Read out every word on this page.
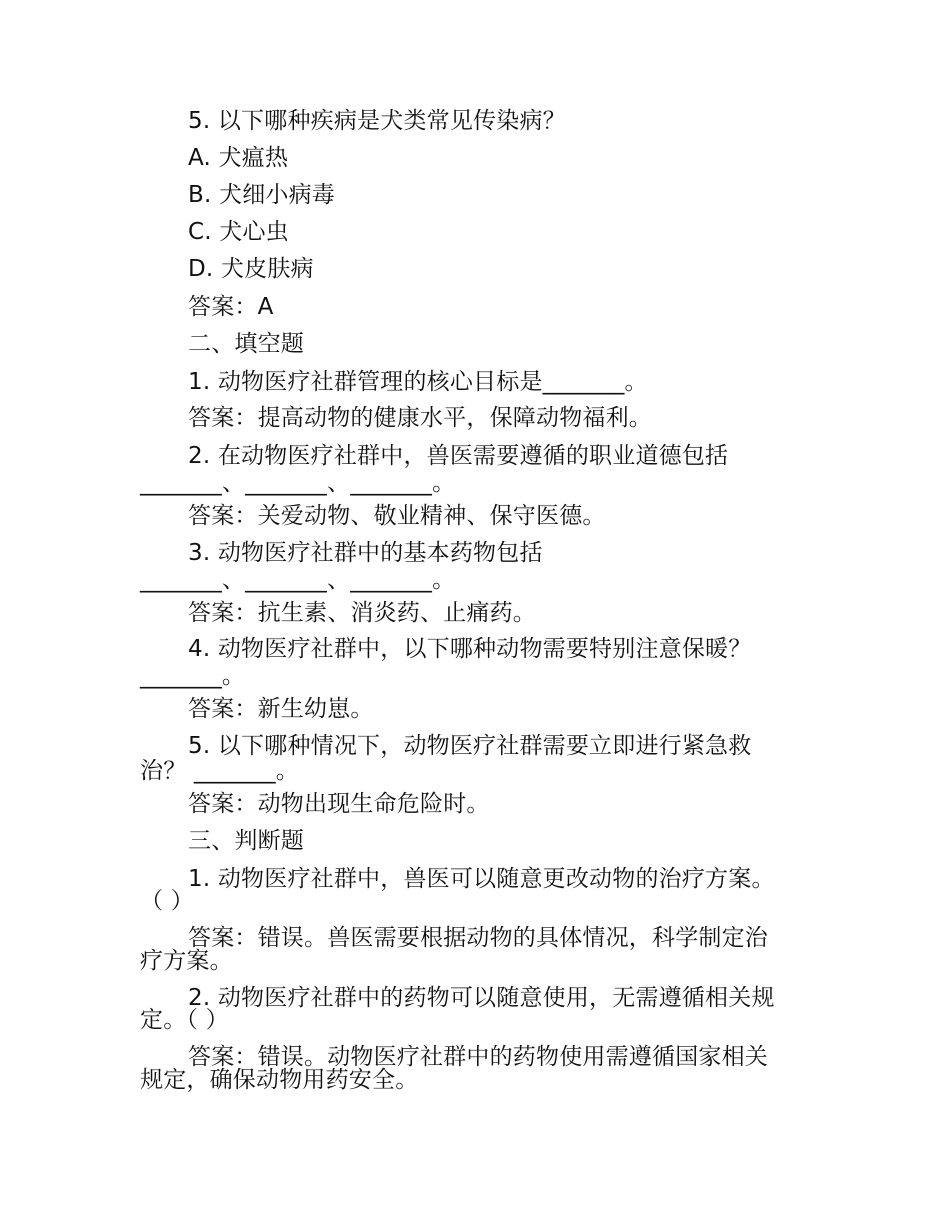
5. 以下哪种疾病是犬类常见传染病？
A. 犬瘟热
B. 犬细小病毒
C. 犬心虫
D. 犬皮肤病
答案：A
二、填空题
1. 动物医疗社群管理的核心目标是_______。
答案：提高动物的健康水平，保障动物福利。
2. 在动物医疗社群中，兽医需要遵循的职业道德包括
_______、_______、_______。
答案：关爱动物、敬业精神、保守医德。
3. 动物医疗社群中的基本药物包括
_______、_______、_______。
答案：抗生素、消炎药、止痛药。
4. 动物医疗社群中，以下哪种动物需要特别注意保暖？
_______。
答案：新生幼崽。
5. 以下哪种情况下，动物医疗社群需要立即进行紧急救
治？ _______。
答案：动物出现生命危险时。
三、判断题
1. 动物医疗社群中，兽医可以随意更改动物的治疗方案。
（ ）
答案：错误。兽医需要根据动物的具体情况，科学制定治
疗方案。
2. 动物医疗社群中的药物可以随意使用，无需遵循相关规
定。（ ）
答案：错误。动物医疗社群中的药物使用需遵循国家相关
规定，确保动物用药安全。
